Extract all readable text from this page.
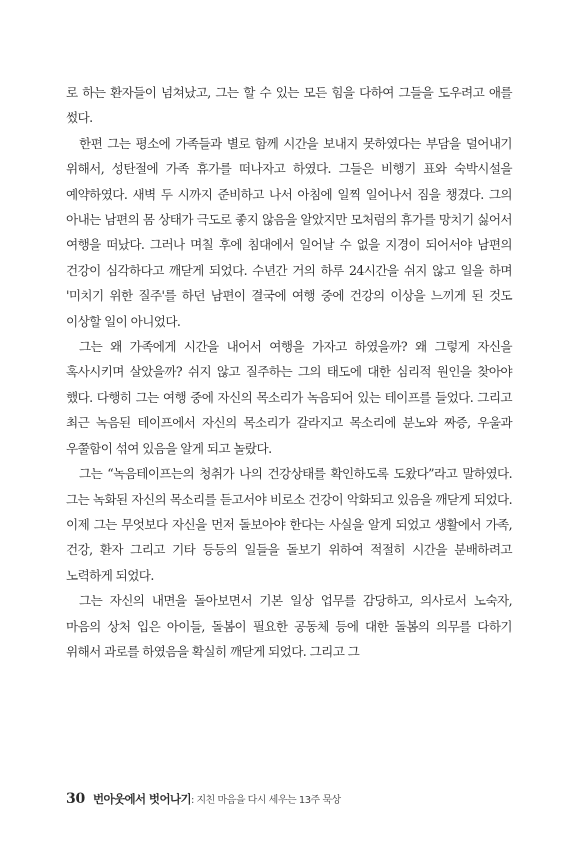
로 하는 환자들이 넘쳐났고, 그는 할 수 있는 모든 힘을 다하여 그들을 도우려고 애를 썼다.

한편 그는 평소에 가족들과 별로 함께 시간을 보내지 못하였다는 부담을 덜어내기 위해서, 성탄절에 가족 휴가를 떠나자고 하였다. 그들은 비행기 표와 숙박시설을 예약하였다. 새벽 두 시까지 준비하고 나서 아침에 일찍 일어나서 짐을 챙겼다. 그의 아내는 남편의 몸 상태가 극도로 좋지 않음을 알았지만 모처럼의 휴가를 망치기 싫어서 여행을 떠났다. 그러나 며칠 후에 침대에서 일어날 수 없을 지경이 되어서야 남편의 건강이 심각하다고 깨닫게 되었다. 수년간 거의 하루 24시간을 쉬지 않고 일을 하며 '미치기 위한 질주'를 하던 남편이 결국에 여행 중에 건강의 이상을 느끼게 된 것도 이상할 일이 아니었다.

그는 왜 가족에게 시간을 내어서 여행을 가자고 하였을까? 왜 그렇게 자신을 혹사시키며 살았을까? 쉬지 않고 질주하는 그의 태도에 대한 심리적 원인을 찾아야 했다. 다행히 그는 여행 중에 자신의 목소리가 녹음되어 있는 테이프를 들었다. 그리고 최근 녹음된 테이프에서 자신의 목소리가 갈라지고 목소리에 분노와 짜증, 우울과 우쭐함이 섞여 있음을 알게 되고 놀랐다.

그는 “녹음테이프는의 청취가 나의 건강상태를 확인하도록 도왔다”라고 말하였다. 그는 녹화된 자신의 목소리를 듣고서야 비로소 건강이 악화되고 있음을 깨닫게 되었다. 이제 그는 무엇보다 자신을 먼저 돌보아야 한다는 사실을 알게 되었고 생활에서 가족, 건강, 환자 그리고 기타 등등의 일들을 돌보기 위하여 적절히 시간을 분배하려고 노력하게 되었다.

그는 자신의 내면을 돌아보면서 기본 일상 업무를 감당하고, 의사로서 노숙자, 마음의 상처 입은 아이들, 돌봄이 필요한 공동체 등에 대한 돌봄의 의무를 다하기 위해서 과로를 하였음을 확실히 깨닫게 되었다. 그리고 그

30 번아웃에서 벗어나기: 지친 마음을 다시 세우는 13주 묵상
